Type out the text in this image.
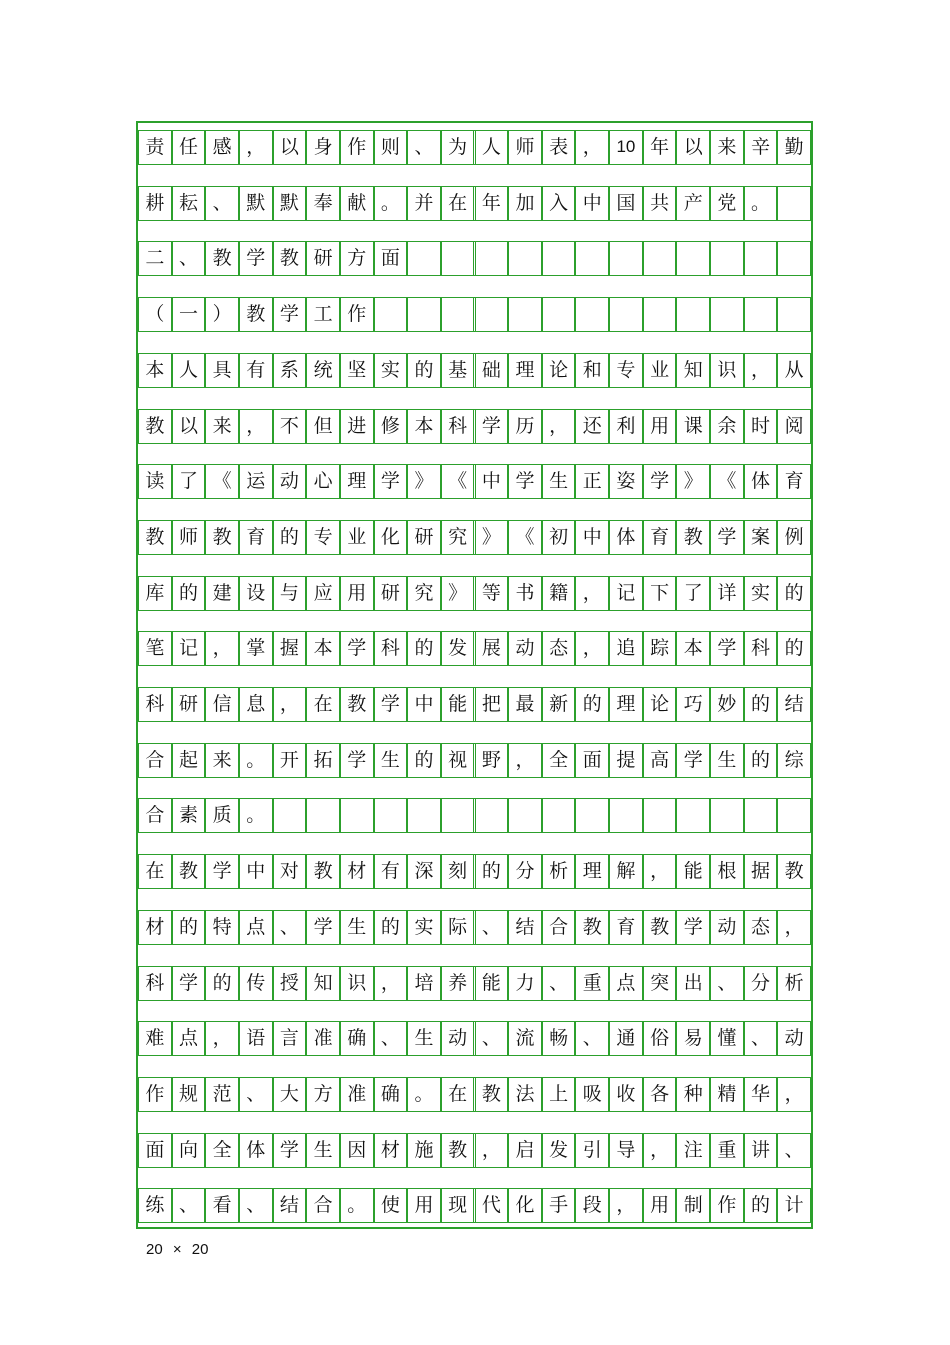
责 任 感 ， 以 身 作 则 、 为 人 师 表 ， 10 年 以 来 辛 勤
耕 耘 、 默 默 奉 献 。 并 在 年 加 入 中 国 共 产 党 。
二 、 教 学 教 研 方 面
（ 一 ） 教 学 工 作
本 人 具 有 系 统 坚 实 的 基 础 理 论 和 专 业 知 识 ， 从
教 以 来 ， 不 但 进 修 本 科 学 历 ， 还 利 用 课 余 时 阅
读 了 《 运 动 心 理 学 》 《 中 学 生 正 姿 学 》 《 体 育
教 师 教 育 的 专 业 化 研 究 》 《 初 中 体 育 教 学 案 例
库 的 建 设 与 应 用 研 究 》 等 书 籍 ， 记 下 了 详 实 的
笔 记 ， 掌 握 本 学 科 的 发 展 动 态 ， 追 踪 本 学 科 的
科 研 信 息 ， 在 教 学 中 能 把 最 新 的 理 论 巧 妙 的 结
合 起 来 。 开 拓 学 生 的 视 野 ， 全 面 提 高 学 生 的 综
合 素 质 。
在 教 学 中 对 教 材 有 深 刻 的 分 析 理 解 ， 能 根 据 教
材 的 特 点 、 学 生 的 实 际 、 结 合 教 育 教 学 动 态 ，
科 学 的 传 授 知 识 ， 培 养 能 力 、 重 点 突 出 、 分 析
难 点 ， 语 言 准 确 、 生 动 、 流 畅 、 通 俗 易 懂 、 动
作 规 范 、 大 方 准 确 。 在 教 法 上 吸 收 各 种 精 华 ，
面 向 全 体 学 生 因 材 施 教 ， 启 发 引 导 ， 注 重 讲 、
练 、 看 、 结 合 。 使 用 现 代 化 手 段 ， 用 制 作 的 计
20 × 20
